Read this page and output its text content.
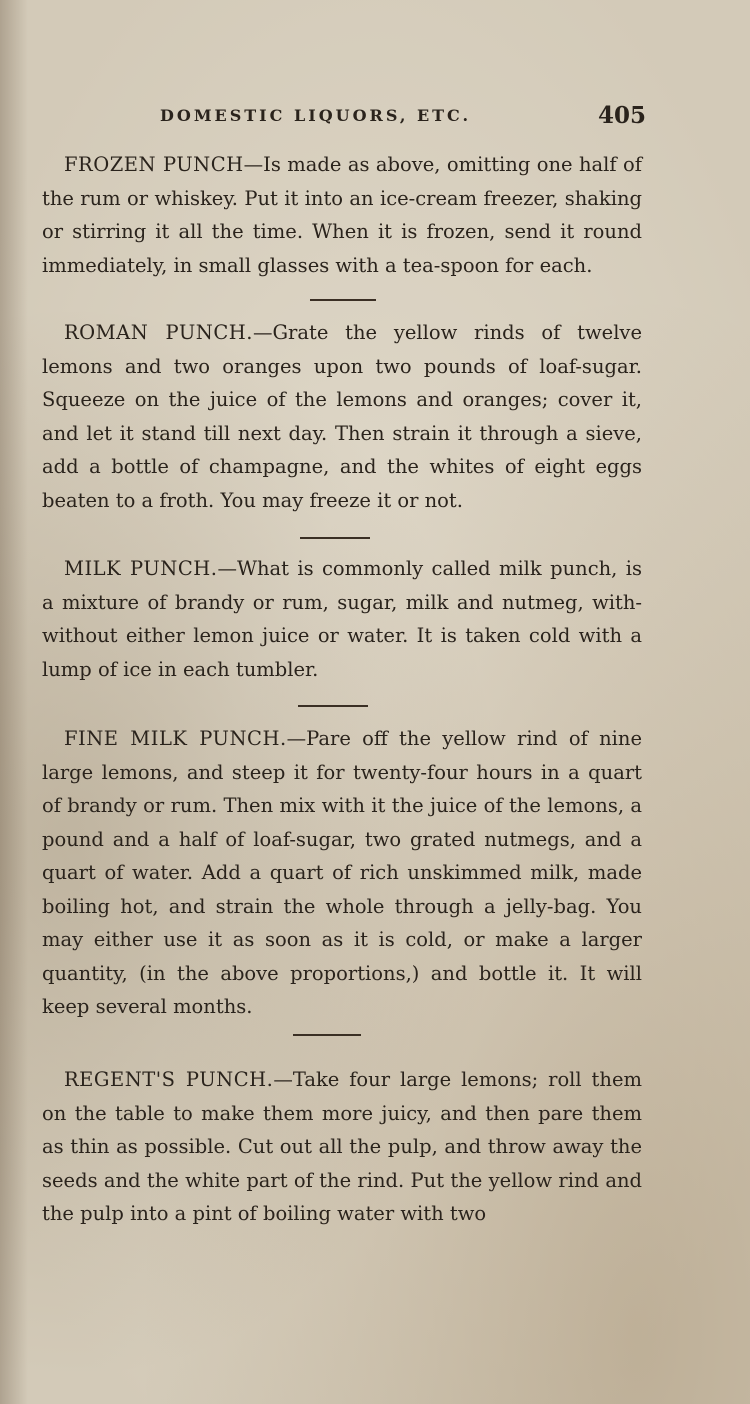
DOMESTIC LIQUORS, ETC.	405

FROZEN PUNCH—Is made as above, omitting one half of the rum or whiskey. Put it into an ice-cream freezer, shaking or stirring it all the time. When it is frozen, send it round immediately, in small glasses with a tea-spoon for each.

ROMAN PUNCH.—Grate the yellow rinds of twelve lemons and two oranges upon two pounds of loaf-sugar. Squeeze on the juice of the lemons and oranges; cover it, and let it stand till next day. Then strain it through a sieve, add a bottle of champagne, and the whites of eight eggs beaten to a froth. You may freeze it or not.

MILK PUNCH.—What is commonly called milk punch, is a mixture of brandy or rum, sugar, milk and nutmeg, with-without either lemon juice or water. It is taken cold with a lump of ice in each tumbler.

FINE MILK PUNCH.—Pare off the yellow rind of nine large lemons, and steep it for twenty-four hours in a quart of brandy or rum. Then mix with it the juice of the lemons, a pound and a half of loaf-sugar, two grated nutmegs, and a quart of water. Add a quart of rich unskimmed milk, made boiling hot, and strain the whole through a jelly-bag. You may either use it as soon as it is cold, or make a larger quantity, (in the above proportions,) and bottle it. It will keep several months.

REGENT'S PUNCH.—Take four large lemons; roll them on the table to make them more juicy, and then pare them as thin as possible. Cut out all the pulp, and throw away the seeds and the white part of the rind. Put the yellow rind and the pulp into a pint of boiling water with two
